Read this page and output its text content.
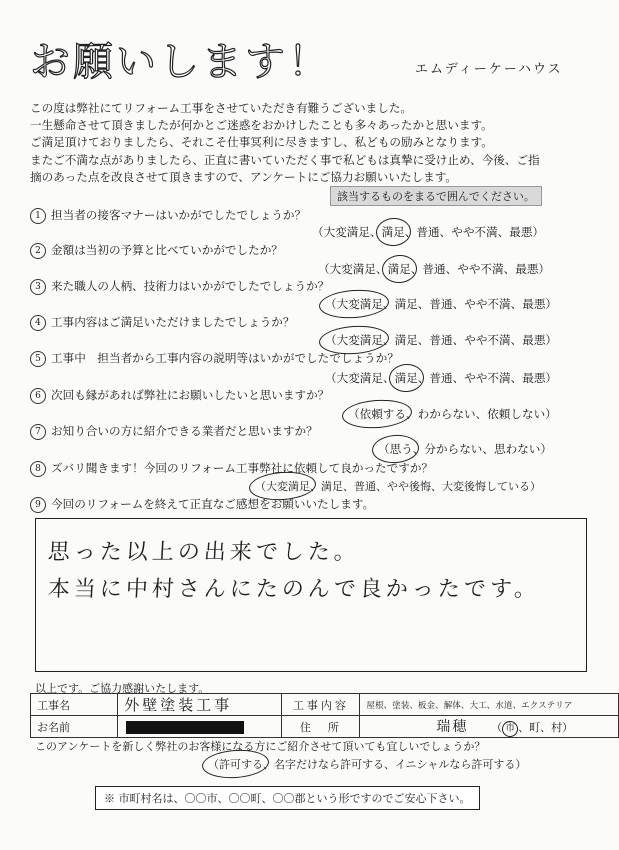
お願いします！	エムディーケーハウス
この度は弊社にてリフォーム工事をさせていただき有難うございました。
一生懸命させて頂きましたが何かとご迷惑をおかけしたことも多々あったかと思います。
ご満足頂けておりましたら、それこそ仕事冥利に尽きますし、私どもの励みとなります。
またご不満な点がありましたら、正直に書いていただく事で私どもは真摯に受け止め、今後、ご指
摘のあった点を改良させて頂きますので、アンケートにご協力お願いいたします。
該当するものをまるで囲んでください。
1 担当者の接客マナーはいかがでしたでしょうか？
（大変満足、満足、普通、やや不満、最悪）
2 金額は当初の予算と比べていかがでしたか？
（大変満足、満足、普通、やや不満、最悪）
3 来た職人の人柄、技術力はいかがでしたでしょうか？
（大変満足、満足、普通、やや不満、最悪）
4 工事内容はご満足いただけましたでしょうか？
（大変満足、満足、普通、やや不満、最悪）
5 工事中　担当者から工事内容の説明等はいかがでしたでしょうか？
（大変満足、満足、普通、やや不満、最悪）
6 次回も縁があれば弊社にお願いしたいと思いますか？
（依頼する、わからない、依頼しない）
7 お知り合いの方に紹介できる業者だと思いますか？
（思う、分からない、思わない）
8 ズバリ聞きます！今回のリフォーム工事弊社に依頼して良かったですか？
（大変満足、満足、普通、やや後悔、大変後悔している）
9 今回のリフォームを終えて正直なご感想をお願いいたします。
思った以上の出来でした。
本当に中村さんにたのんで良かったです。
以上です。ご協力感謝いたします。
工事名	外壁塗装工事	工事内容	屋根、塗装、板金、解体、大工、水道、エクステリア
お名前		住　所	瑞穂 （ 市 、町、村）
このアンケートを新しく弊社のお客様になる方にご紹介させて頂いても宜しいでしょうか？
（許可する、名字だけなら許可する、イニシャルなら許可する）
※ 市町村名は、〇〇市、〇〇町、〇〇郡という形ですのでご安心下さい。
